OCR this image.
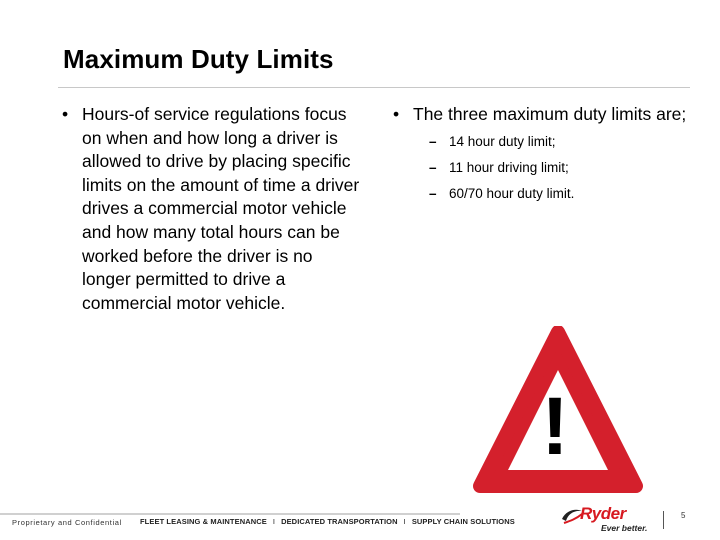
Maximum Duty Limits
• Hours-of service regulations focus on when and how long a driver is allowed to drive by placing specific limits on the amount of time a driver drives a commercial motor vehicle and how many total hours can be worked before the driver is no longer permitted to drive a commercial motor vehicle.
• The three maximum duty limits are;
– 14 hour duty limit;
– 11 hour driving limit;
– 60/70 hour duty limit.
!
Proprietary and Confidential FLEET LEASING & MAINTENANCE I DEDICATED TRANSPORTATION I SUPPLY CHAIN SOLUTIONS	Ryder
Ever better.
5
